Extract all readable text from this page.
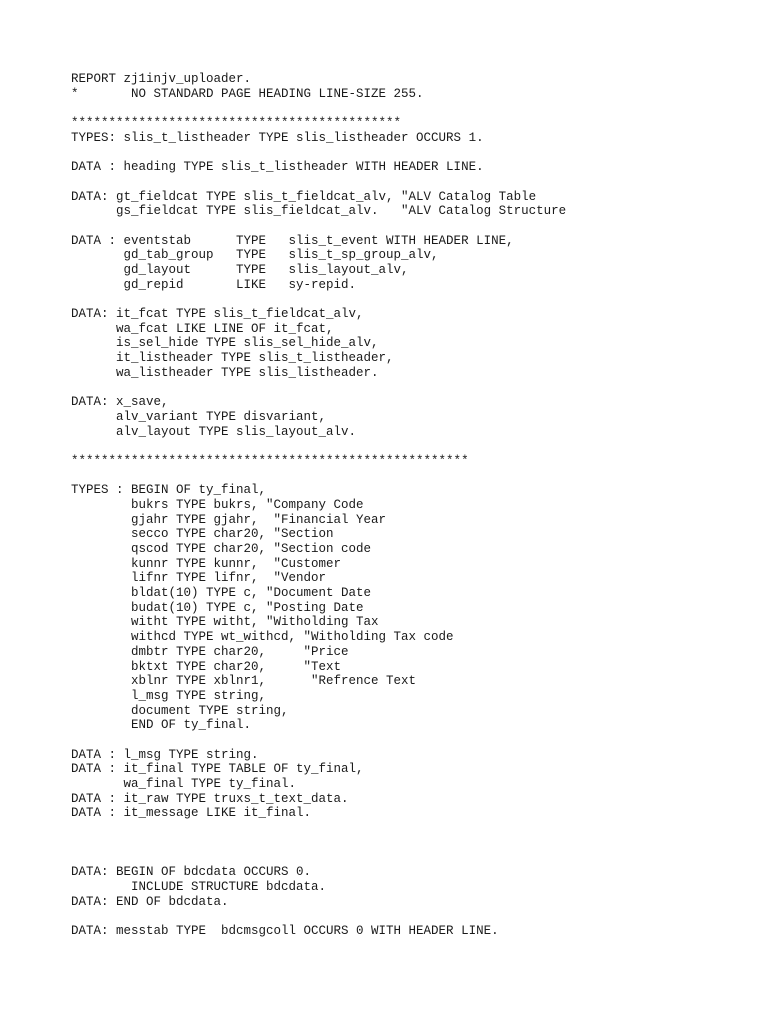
REPORT zj1injv_uploader.
*       NO STANDARD PAGE HEADING LINE-SIZE 255.
********************************************
TYPES: slis_t_listheader TYPE slis_listheader OCCURS 1.
DATA : heading TYPE slis_t_listheader WITH HEADER LINE.
DATA: gt_fieldcat TYPE slis_t_fieldcat_alv, "ALV Catalog Table
gs_fieldcat TYPE slis_fieldcat_alv.   "ALV Catalog Structure
DATA : eventstab      TYPE   slis_t_event WITH HEADER LINE,
gd_tab_group   TYPE   slis_t_sp_group_alv,
gd_layout      TYPE   slis_layout_alv,
gd_repid       LIKE   sy-repid.
DATA: it_fcat TYPE slis_t_fieldcat_alv,
wa_fcat LIKE LINE OF it_fcat,
is_sel_hide TYPE slis_sel_hide_alv,
it_listheader TYPE slis_t_listheader,
wa_listheader TYPE slis_listheader.
DATA: x_save,
alv_variant TYPE disvariant,
alv_layout TYPE slis_layout_alv.
*****************************************************
TYPES : BEGIN OF ty_final,
bukrs TYPE bukrs, "Company Code
gjahr TYPE gjahr,  "Financial Year
secco TYPE char20, "Section
qscod TYPE char20, "Section code
kunnr TYPE kunnr,  "Customer
lifnr TYPE lifnr,  "Vendor
bldat(10) TYPE c, "Document Date
budat(10) TYPE c, "Posting Date
witht TYPE witht, "Witholding Tax
withcd TYPE wt_withcd, "Witholding Tax code
dmbtr TYPE char20,     "Price
bktxt TYPE char20,     "Text
xblnr TYPE xblnr1,      "Refrence Text
l_msg TYPE string,
document TYPE string,
END OF ty_final.
DATA : l_msg TYPE string.
DATA : it_final TYPE TABLE OF ty_final,
wa_final TYPE ty_final.
DATA : it_raw TYPE truxs_t_text_data.
DATA : it_message LIKE it_final.
DATA: BEGIN OF bdcdata OCCURS 0.
INCLUDE STRUCTURE bdcdata.
DATA: END OF bdcdata.
DATA: messtab TYPE  bdcmsgcoll OCCURS 0 WITH HEADER LINE.
